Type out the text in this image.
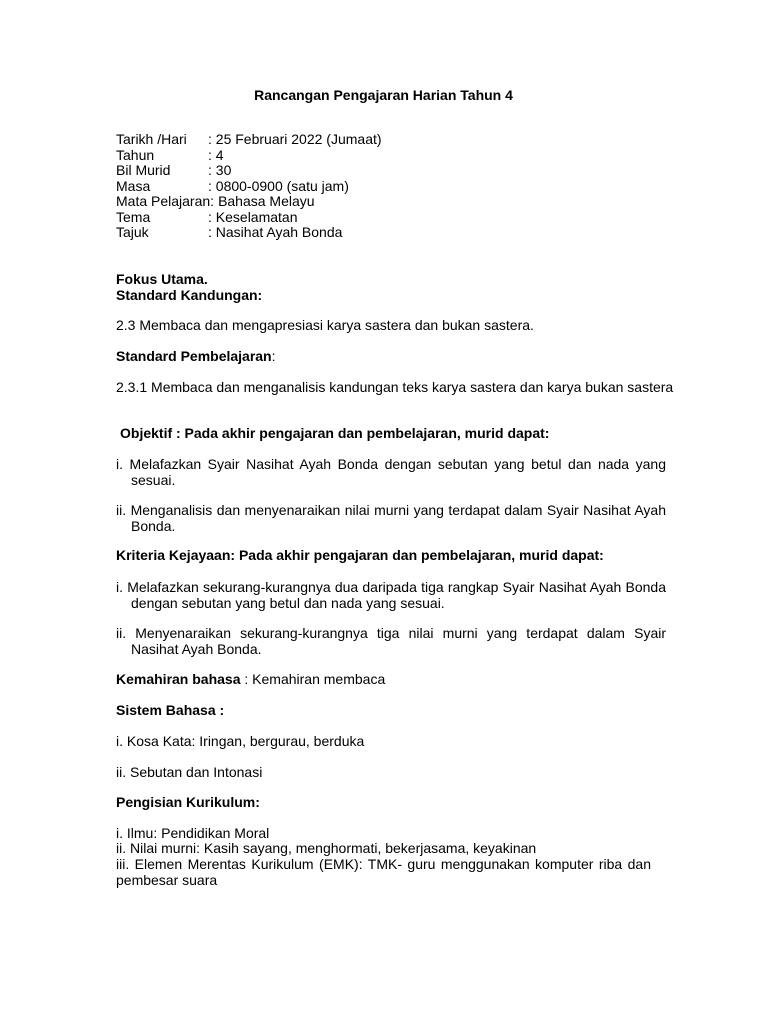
Rancangan Pengajaran Harian Tahun 4
Tarikh /Hari	: 25 Februari 2022 (Jumaat)
Tahun	: 4
Bil Murid	: 30
Masa	: 0800-0900 (satu jam)
Mata Pelajaran: Bahasa Melayu
Tema	: Keselamatan
Tajuk	: Nasihat Ayah Bonda
Fokus Utama.
Standard Kandungan:
2.3 Membaca dan mengapresiasi karya sastera dan bukan sastera.
Standard Pembelajaran:
2.3.1 Membaca dan menganalisis kandungan teks karya sastera dan karya bukan sastera
Objektif : Pada akhir pengajaran dan pembelajaran, murid dapat:
i. Melafazkan Syair Nasihat Ayah Bonda dengan sebutan yang betul dan nada yang sesuai.
ii. Menganalisis dan menyenaraikan nilai murni yang terdapat dalam Syair Nasihat Ayah Bonda.
Kriteria Kejayaan: Pada akhir pengajaran dan pembelajaran, murid dapat:
i. Melafazkan sekurang-kurangnya dua daripada tiga rangkap Syair Nasihat Ayah Bonda dengan sebutan yang betul dan nada yang sesuai.
ii. Menyenaraikan sekurang-kurangnya tiga nilai murni yang terdapat dalam Syair Nasihat Ayah Bonda.
Kemahiran bahasa : Kemahiran membaca
Sistem Bahasa :
i. Kosa Kata: Iringan, bergurau, berduka
ii. Sebutan dan Intonasi
Pengisian Kurikulum:
i. Ilmu: Pendidikan Moral
ii. Nilai murni: Kasih sayang, menghormati, bekerjasama, keyakinan
iii. Elemen Merentas Kurikulum (EMK): TMK- guru menggunakan komputer riba dan pembesar suara
